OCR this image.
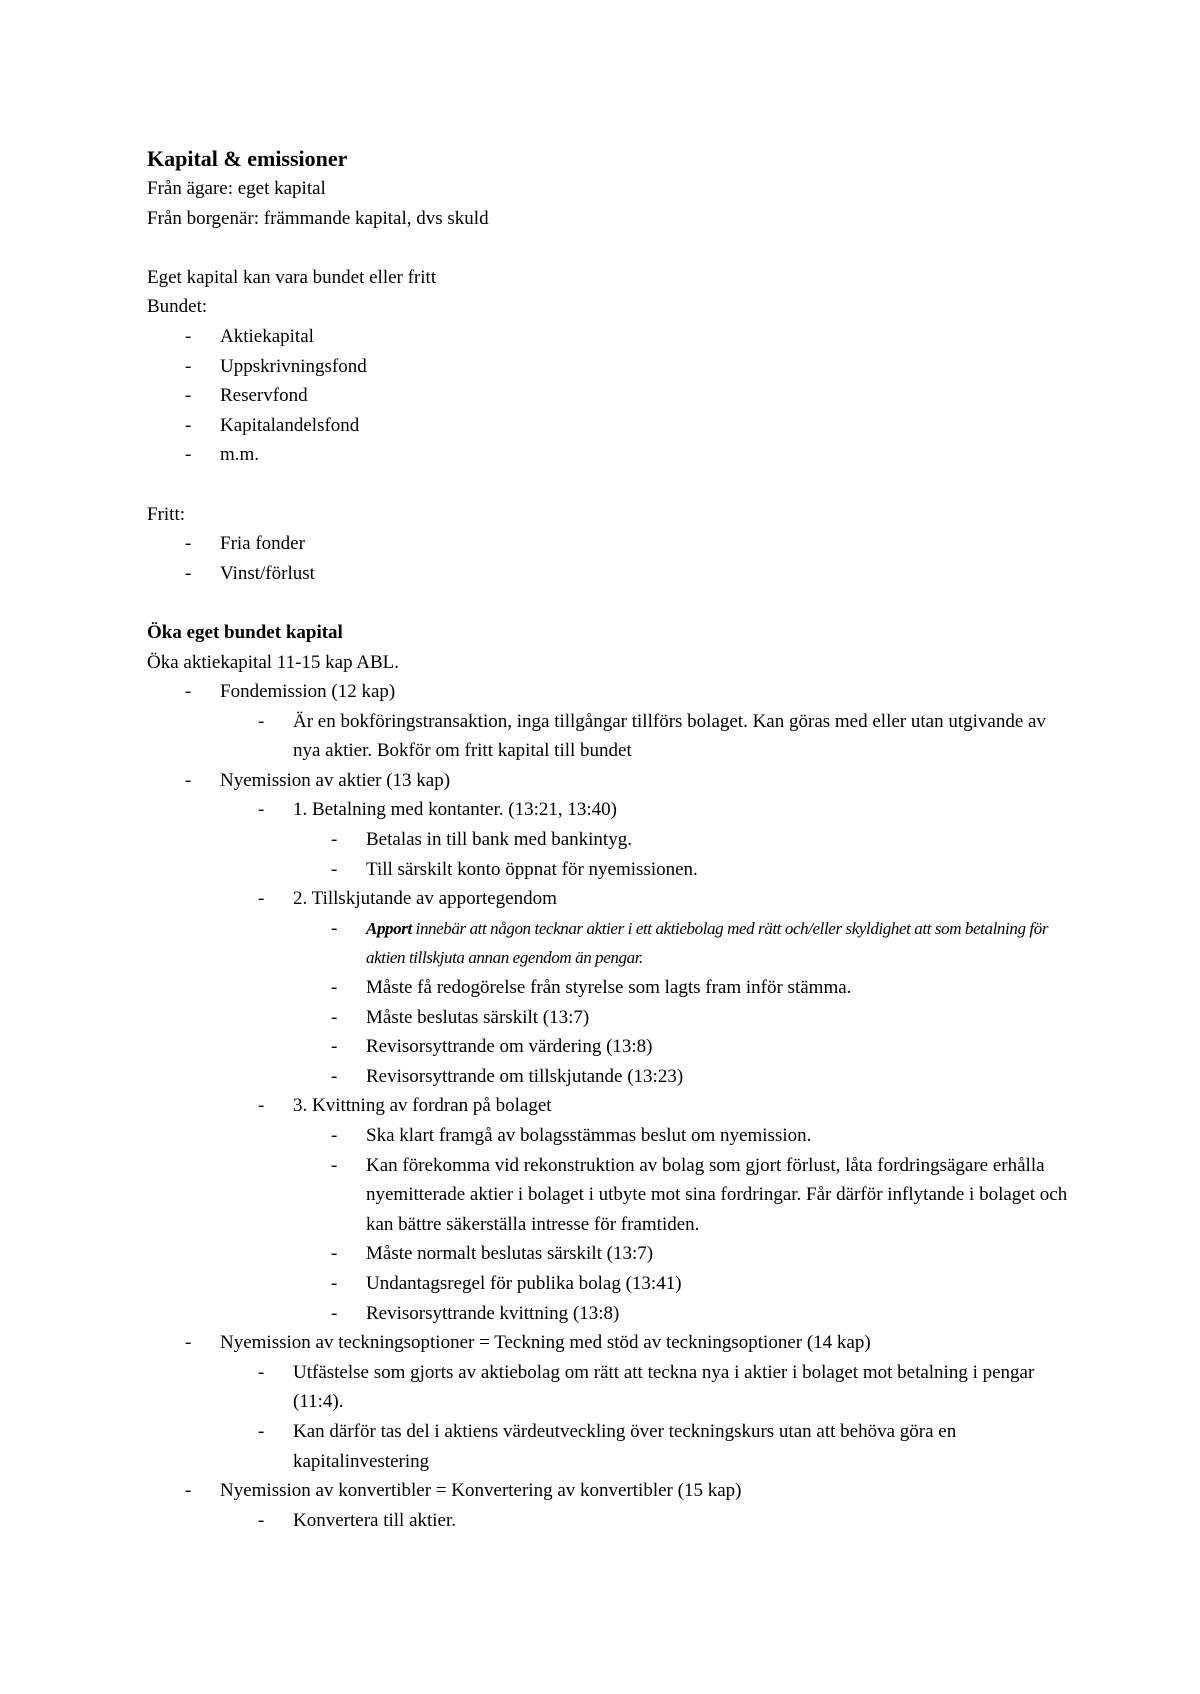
Kapital & emissioner
Från ägare: eget kapital
Från borgenär: främmande kapital, dvs skuld
Eget kapital kan vara bundet eller fritt
Bundet:
- Aktiekapital
- Uppskrivningsfond
- Reservfond
- Kapitalandelsfond
- m.m.
Fritt:
- Fria fonder
- Vinst/förlust
Öka eget bundet kapital
Öka aktiekapital 11-15 kap ABL.
- Fondemission (12 kap)
- Är en bokföringstransaktion, inga tillgångar tillförs bolaget. Kan göras med eller utan utgivande av nya aktier. Bokför om fritt kapital till bundet
- Nyemission av aktier (13 kap)
- 1. Betalning med kontanter. (13:21, 13:40)
- Betalas in till bank med bankintyg.
- Till särskilt konto öppnat för nyemissionen.
- 2. Tillskjutande av apportegendom
- Apport innebär att någon tecknar aktier i ett aktiebolag med rätt och/eller skyldighet att som betalning för aktien tillskjuta annan egendom än pengar.
- Måste få redogörelse från styrelse som lagts fram inför stämma.
- Måste beslutas särskilt (13:7)
- Revisorsyttrande om värdering (13:8)
- Revisorsyttrande om tillskjutande (13:23)
- 3. Kvittning av fordran på bolaget
- Ska klart framgå av bolagsstämmas beslut om nyemission.
- Kan förekomma vid rekonstruktion av bolag som gjort förlust, låta fordringsägare erhålla nyemitterade aktier i bolaget i utbyte mot sina fordringar. Får därför inflytande i bolaget och kan bättre säkerställa intresse för framtiden.
- Måste normalt beslutas särskilt (13:7)
- Undantagsregel för publika bolag (13:41)
- Revisorsyttrande kvittning (13:8)
- Nyemission av teckningsoptioner = Teckning med stöd av teckningsoptioner (14 kap)
- Utfästelse som gjorts av aktiebolag om rätt att teckna nya i aktier i bolaget mot betalning i pengar (11:4).
- Kan därför tas del i aktiens värdeutveckling över teckningskurs utan att behöva göra en kapitalinvestering
- Nyemission av konvertibler = Konvertering av konvertibler (15 kap)
- Konvertera till aktier.
